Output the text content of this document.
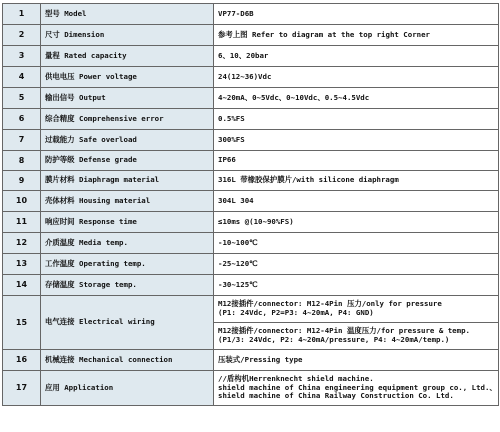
1	型号 Model	VP77-D6B
2	尺寸 Dimension	参考上图 Refer to diagram at the top right Corner
3	量程 Rated capacity	6、10、20bar
4	供电电压 Power voltage	24(12~36)Vdc
5	输出信号 Output	4~20mA、0~5Vdc、0~10Vdc、0.5~4.5Vdc
6	综合精度 Comprehensive error	0.5%FS
7	过载能力 Safe overload	300%FS
8	防护等级 Defense grade	IP66
9	膜片材料 Diaphragm material	316L 带橡胶保护膜片/with silicone diaphragm
10	壳体材料 Housing material	304L 304
11	响应时间 Response time	≤10ms @(10~90%FS)
12	介质温度 Media temp.	-10~100℃
13	工作温度 Operating temp.	-25~120℃
14	存储温度 Storage temp.	-30~125℃
15	电气连接 Electrical wiring	M12接插件/connector: M12-4Pin 压力/only for pressure
(P1: 24Vdc, P2=P3: 4~20mA, P4: GND)

		M12接插件/connector: M12-4Pin 温度压力/for pressure & temp.
(P1/3: 24Vdc, P2: 4~20mA/pressure, P4: 4~20mA/temp.)

16	机械连接 Mechanical connection	压装式/Pressing type
17	应用 Application	//盾构机Herrenknecht shield machine.
shield machine of China engineering equipment group co., Ltd.、
shield machine of China Railway Construction Co. Ltd.
